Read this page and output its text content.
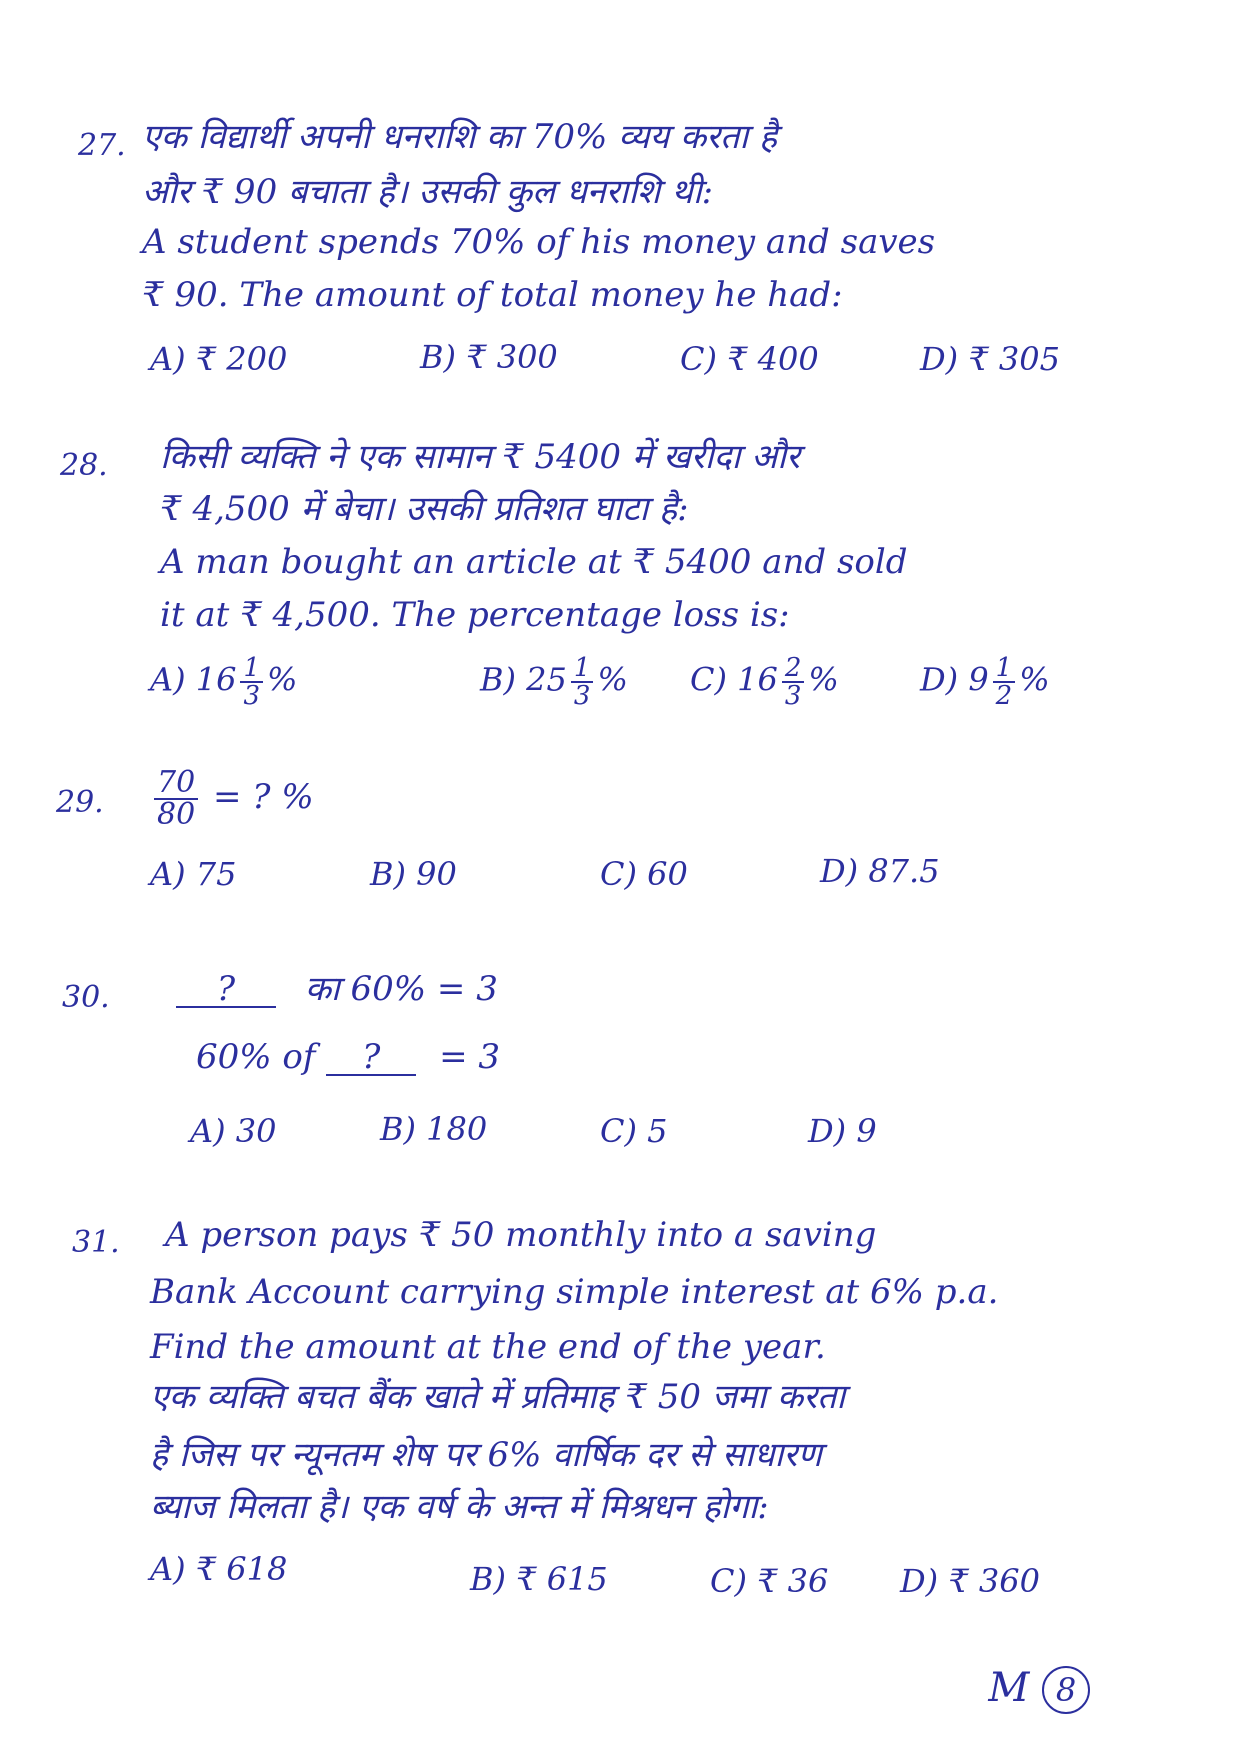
27. एक विद्यार्थी अपनी धनराशि का 70% व्यय करता है
और ₹ 90 बचाता है। उसकी कुल धनराशि थी:
A student spends 70% of his money and saves
₹ 90. The amount of total money he had:
A) ₹ 200	B) ₹ 300	C) ₹ 400	D) ₹ 305
28. किसी व्यक्ति ने एक सामान ₹ 5400 में खरीदा और
₹ 4,500 में बेचा। उसकी प्रतिशत घाटा है:
A man bought an article at ₹ 5400 and sold
it at ₹ 4,500. The percentage loss is:
A) $16 \frac{1}{3}$ %	B) $25 \frac{1}{3}$ % C) $16 \frac{2}{3}$ %	D) $9 \frac{1}{2}$ %
29. $\frac{70}{80}$ = ? %
A) 75	B) 90	C) 60	D) 87.5
30.	? का 60% = 3
60% of ? = 3
A) 30	B) 180	C) 5	D) 9
31. A person pays ₹ 50 monthly into a saving
Bank Account carrying simple interest at 6% p.a.
Find the amount at the end of the year.
एक व्यक्ति बचत बैंक खाते में प्रतिमाह ₹ 50 जमा करता
है जिस पर न्यूनतम शेष पर 6% वार्षिक दर से साधारण
ब्याज मिलता है। एक वर्ष के अन्त में मिश्रधन होगा:
A) ₹ 618	B) ₹ 615	C) ₹ 36 D) ₹ 360
M 8
